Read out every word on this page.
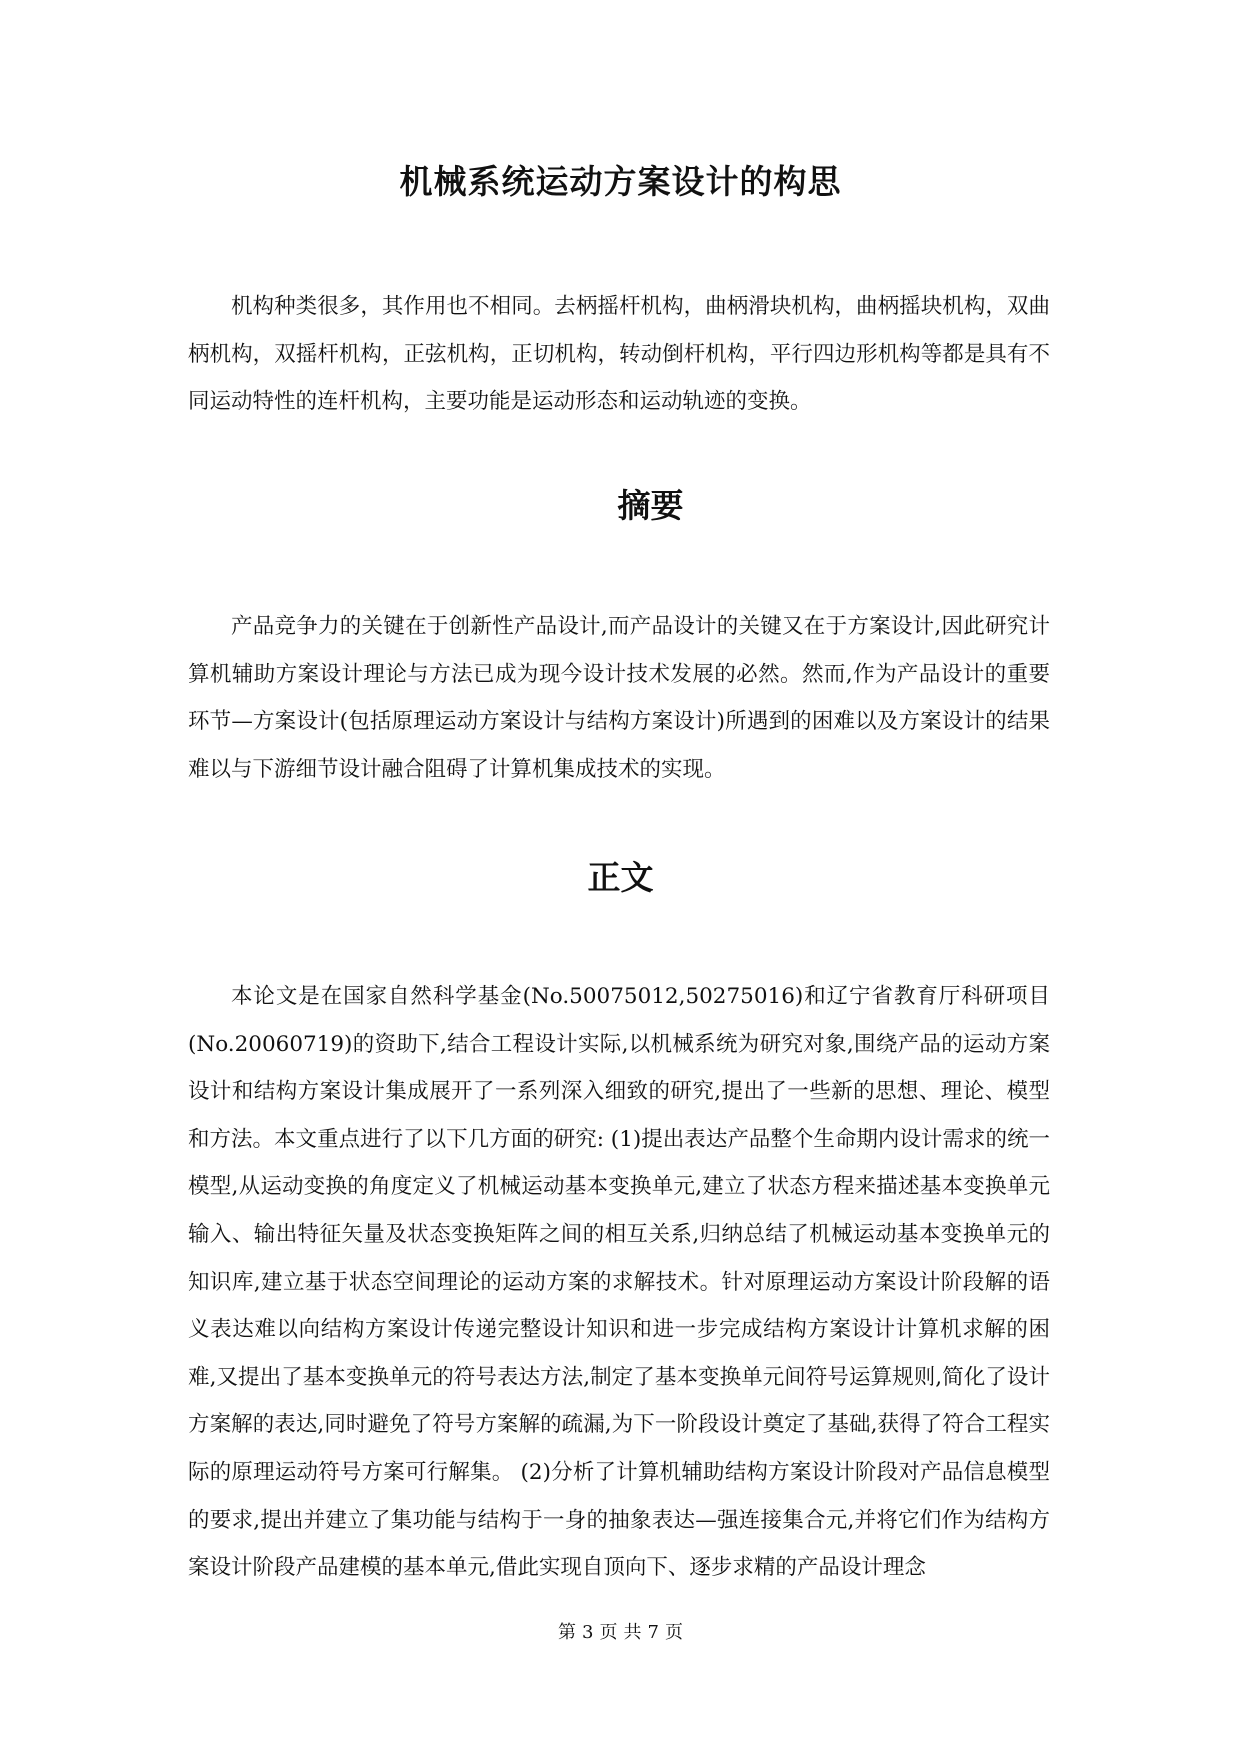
机械系统运动方案设计的构思

机构种类很多，其作用也不相同。去柄摇杆机构，曲柄滑块机构，曲柄摇块机构，双曲柄机构，双摇杆机构，正弦机构，正切机构，转动倒杆机构，平行四边形机构等都是具有不同运动特性的连杆机构，主要功能是运动形态和运动轨迹的变换。

摘要

产品竞争力的关键在于创新性产品设计,而产品设计的关键又在于方案设计,因此研究计算机辅助方案设计理论与方法已成为现今设计技术发展的必然。然而,作为产品设计的重要环节—方案设计(包括原理运动方案设计与结构方案设计)所遇到的困难以及方案设计的结果难以与下游细节设计融合阻碍了计算机集成技术的实现。

正文

本论文是在国家自然科学基金(No.50075012,50275016)和辽宁省教育厅科研项目(No.20060719)的资助下,结合工程设计实际,以机械系统为研究对象,围绕产品的运动方案设计和结构方案设计集成展开了一系列深入细致的研究,提出了一些新的思想、理论、模型和方法。本文重点进行了以下几方面的研究: (1)提出表达产品整个生命期内设计需求的统一模型,从运动变换的角度定义了机械运动基本变换单元,建立了状态方程来描述基本变换单元输入、输出特征矢量及状态变换矩阵之间的相互关系,归纳总结了机械运动基本变换单元的知识库,建立基于状态空间理论的运动方案的求解技术。针对原理运动方案设计阶段解的语义表达难以向结构方案设计传递完整设计知识和进一步完成结构方案设计计算机求解的困难,又提出了基本变换单元的符号表达方法,制定了基本变换单元间符号运算规则,简化了设计方案解的表达,同时避免了符号方案解的疏漏,为下一阶段设计奠定了基础,获得了符合工程实际的原理运动符号方案可行解集。 (2)分析了计算机辅助结构方案设计阶段对产品信息模型的要求,提出并建立了集功能与结构于一身的抽象表达—强连接集合元,并将它们作为结构方案设计阶段产品建模的基本单元,借此实现自顶向下、逐步求精的产品设计理念

第 3 页 共 7 页
